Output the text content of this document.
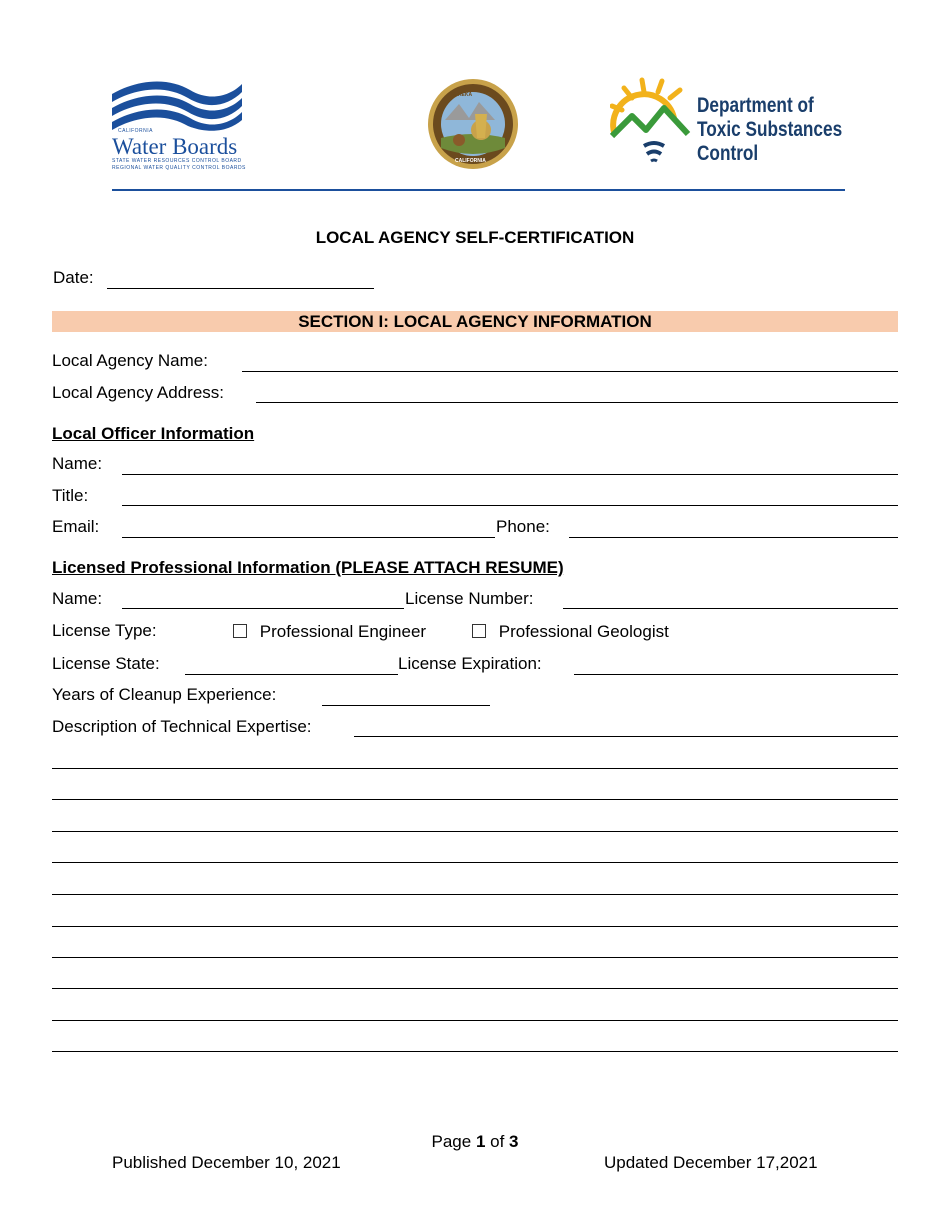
CALIFORNIA
Water Boards
STATE WATER RESOURCES CONTROL BOARD
REGIONAL WATER QUALITY CONTROL BOARDS
EUREKA
CALIFORNIA
Department of
Toxic Substances
Control
LOCAL AGENCY SELF-CERTIFICATION
Date:
SECTION I: LOCAL AGENCY INFORMATION
Local Agency Name:
Local Agency Address:
Local Officer Information
Name:
Title:
Email:	Phone:
Licensed Professional Information (PLEASE ATTACH RESUME)
Name:	License Number:
License Type:	Professional Engineer	Professional Geologist
License State:	License Expiration:
Years of Cleanup Experience:
Description of Technical Expertise:
Page 1 of 3
Published December 10, 2021	Updated December 17,2021
